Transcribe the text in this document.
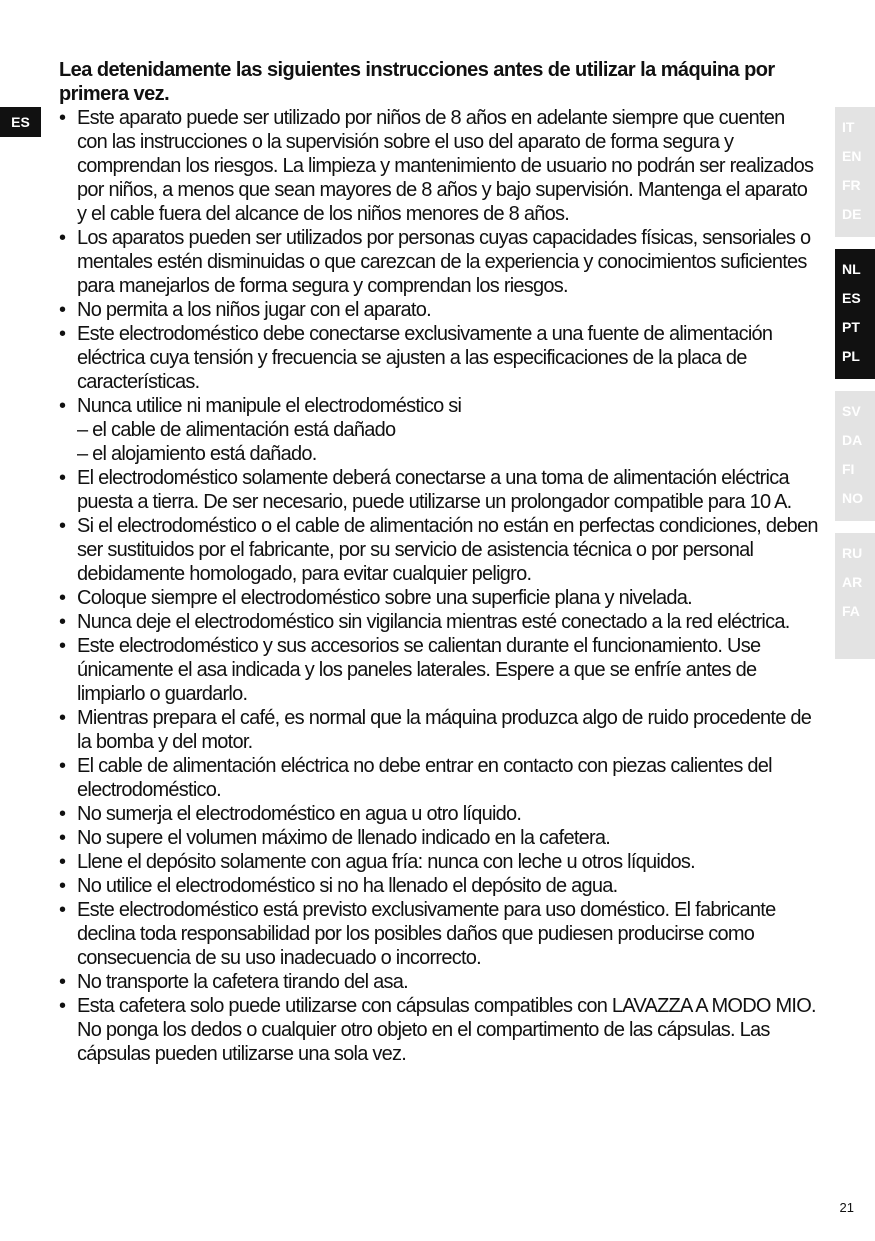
ES	IT
EN
FR
DE
NL
ES
PT
PL
SV
DA
FI
NO
RU
AR
FA
Lea detenidamente las siguientes instrucciones antes de utilizar la máquina por primera vez.
• Este aparato puede ser utilizado por niños de 8 años en adelante siempre que cuenten con las instrucciones o la supervisión sobre el uso del aparato de forma segura y comprendan los riesgos. La limpieza y mantenimiento de usuario no podrán ser realizados por niños, a menos que sean mayores de 8 años y bajo supervisión. Mantenga el aparato y el cable fuera del alcance de los niños menores de 8 años.
• Los aparatos pueden ser utilizados por personas cuyas capacidades físicas, sensoriales o mentales estén disminuidas o que carezcan de la experiencia y conocimientos suficientes para manejarlos de forma segura y comprendan los riesgos.
• No permita a los niños jugar con el aparato.
• Este electrodoméstico debe conectarse exclusivamente a una fuente de alimentación eléctrica cuya tensión y frecuencia se ajusten a las especificaciones de la placa de características.
• Nunca utilice ni manipule el electrodoméstico si
– el cable de alimentación está dañado
– el alojamiento está dañado.
• El electrodoméstico solamente deberá conectarse a una toma de alimentación eléctrica puesta a tierra. De ser necesario, puede utilizarse un prolongador compatible para 10 A.
• Si el electrodoméstico o el cable de alimentación no están en perfectas condiciones, deben ser sustituidos por el fabricante, por su servicio de asistencia técnica o por personal debidamente homologado, para evitar cualquier peligro.
• Coloque siempre el electrodoméstico sobre una superficie plana y nivelada.
• Nunca deje el electrodoméstico sin vigilancia mientras esté conectado a la red eléctrica.
• Este electrodoméstico y sus accesorios se calientan durante el funcionamiento. Use únicamente el asa indicada y los paneles laterales. Espere a que se enfríe antes de limpiarlo o guardarlo.
• Mientras prepara el café, es normal que la máquina produzca algo de ruido procedente de la bomba y del motor.
• El cable de alimentación eléctrica no debe entrar en contacto con piezas calientes del electrodoméstico.
• No sumerja el electrodoméstico en agua u otro líquido.
• No supere el volumen máximo de llenado indicado en la cafetera.
• Llene el depósito solamente con agua fría: nunca con leche u otros líquidos.
• No utilice el electrodoméstico si no ha llenado el depósito de agua.
• Este electrodoméstico está previsto exclusivamente para uso doméstico. El fabricante declina toda responsabilidad por los posibles daños que pudiesen producirse como consecuencia de su uso inadecuado o incorrecto.
• No transporte la cafetera tirando del asa.
• Esta cafetera solo puede utilizarse con cápsulas compatibles con LAVAZZA A MODO MIO. No ponga los dedos o cualquier otro objeto en el compartimento de las cápsulas. Las cápsulas pueden utilizarse una sola vez.
21
